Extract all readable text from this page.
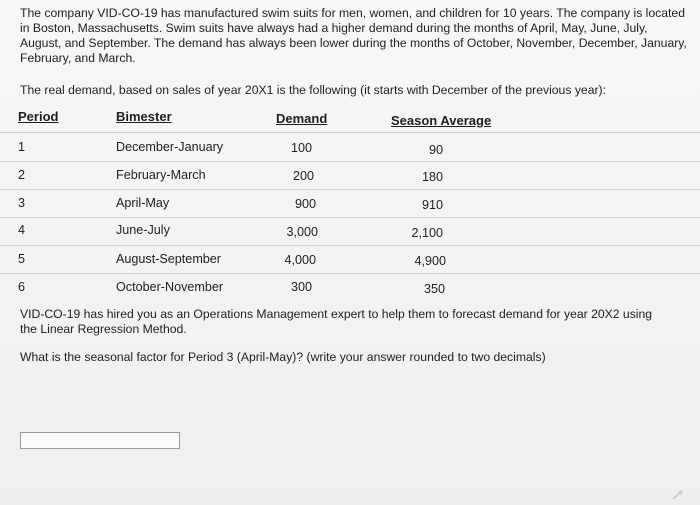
The company VID-CO-19 has manufactured swim suits for men, women, and children for 10 years. The company is located in Boston, Massachusetts. Swim suits have always had a higher demand during the months of April, May, June, July, August, and September. The demand has always been lower during the months of October, November, December, January, February, and March.

The real demand, based on sales of year 20X1 is the following (it starts with December of the previous year):

Period	Bimester	Demand	Season Average
1	December-January	100	90
2	February-March	200	180
3	April-May	900	910
4	June-July	3,000	2,100
5	August-September	4,000	4,900
6	October-November	300	350

VID-CO-19 has hired you as an Operations Management expert to help them to forecast demand for year 20X2 using the Linear Regression Method.

What is the seasonal factor for Period 3 (April-May)? (write your answer rounded to two decimals)
